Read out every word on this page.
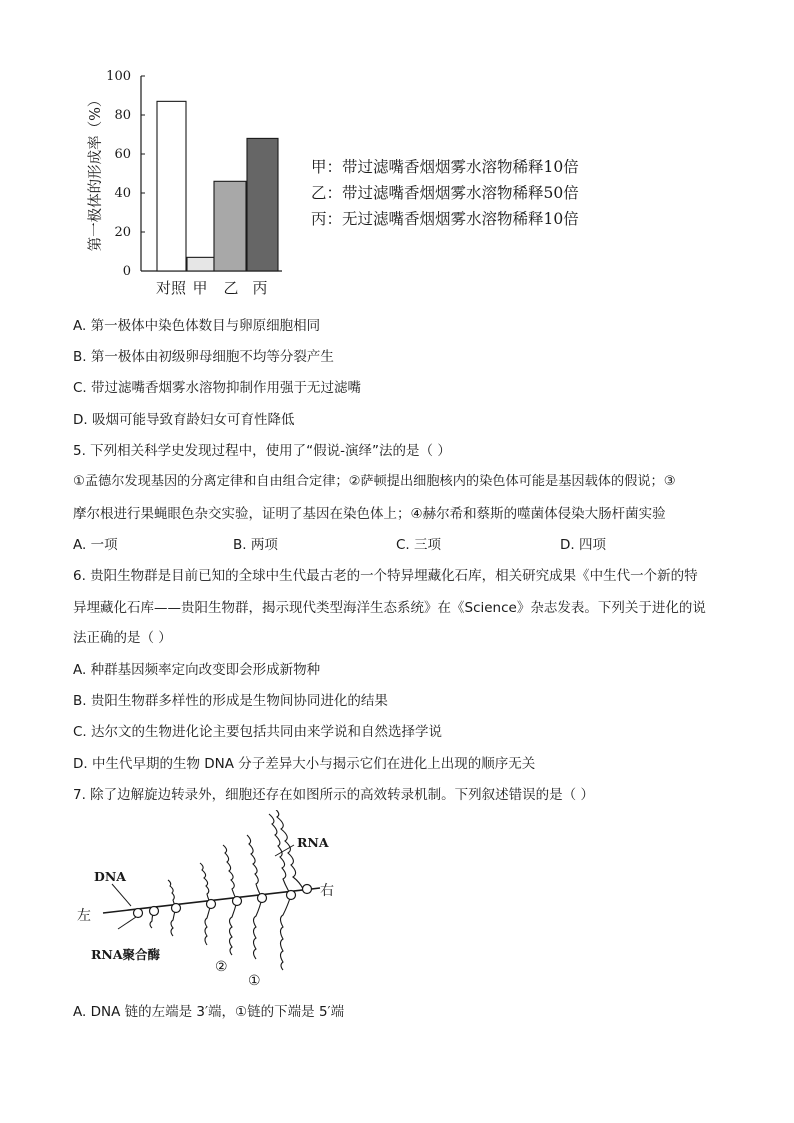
0
20
40
60
80
100
第一极体的形成率（%）
对照 甲 乙 丙
甲：带过滤嘴香烟烟雾水溶物稀释10倍
乙：带过滤嘴香烟烟雾水溶物稀释50倍
丙：无过滤嘴香烟烟雾水溶物稀释10倍
A. 第一极体中染色体数目与卵原细胞相同
B. 第一极体由初级卵母细胞不均等分裂产生
C. 带过滤嘴香烟雾水溶物抑制作用强于无过滤嘴
D. 吸烟可能导致育龄妇女可育性降低
5. 下列相关科学史发现过程中，使用了“假说-演绎”法的是（ ）
①孟德尔发现基因的分离定律和自由组合定律；②萨顿提出细胞核内的染色体可能是基因载体的假说；③
摩尔根进行果蝇眼色杂交实验，证明了基因在染色体上；④赫尔希和蔡斯的噬菌体侵染大肠杆菌实验
A. 一项	B. 两项	C. 三项	D. 四项
6. 贵阳生物群是目前已知的全球中生代最古老的一个特异埋藏化石库，相关研究成果《中生代一个新的特
异埋藏化石库——贵阳生物群，揭示现代类型海洋生态系统》在《Science》杂志发表。下列关于进化的说
法正确的是（ ）
A. 种群基因频率定向改变即会形成新物种
B. 贵阳生物群多样性的形成是生物间协同进化的结果
C. 达尔文的生物进化论主要包括共同由来学说和自然选择学说
D. 中生代早期的生物 DNA 分子差异大小与揭示它们在进化上出现的顺序无关
7. 除了边解旋边转录外，细胞还存在如图所示的高效转录机制。下列叙述错误的是（ ）
RNA
DNA
左
右
RNA聚合酶
②
①
A. DNA 链的左端是 3′端，①链的下端是 5′端
